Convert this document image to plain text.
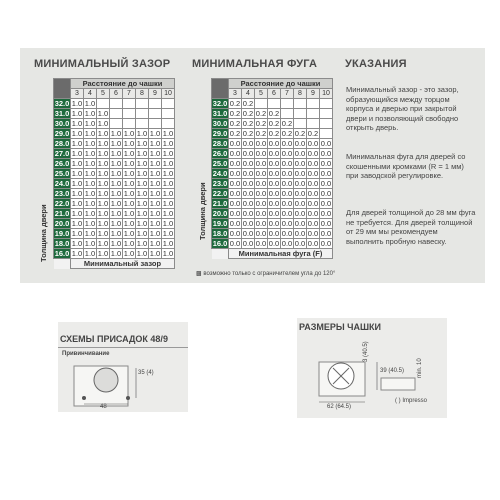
МИНИМАЛЬНЫЙ ЗАЗОР МИНИМАЛЬНАЯ ФУГА	УКАЗАНИЯ
Толщина двери
	Расстояние до чашки							
	3	4	5	6	7	8	9	10
32.0	1.0	1.0						
31.0	1.0	1.0	1.0					
30.0	1.0	1.0	1.0					
29.0	1.0	1.0	1.0	1.0	1.0	1.0	1.0	1.0
28.0	1.0	1.0	1.0	1.0	1.0	1.0	1.0	1.0
27.0	1.0	1.0	1.0	1.0	1.0	1.0	1.0	1.0
26.0	1.0	1.0	1.0	1.0	1.0	1.0	1.0	1.0
25.0	1.0	1.0	1.0	1.0	1.0	1.0	1.0	1.0
24.0	1.0	1.0	1.0	1.0	1.0	1.0	1.0	1.0
23.0	1.0	1.0	1.0	1.0	1.0	1.0	1.0	1.0
22.0	1.0	1.0	1.0	1.0	1.0	1.0	1.0	1.0
21.0	1.0	1.0	1.0	1.0	1.0	1.0	1.0	1.0
20.0	1.0	1.0	1.0	1.0	1.0	1.0	1.0	1.0
19.0	1.0	1.0	1.0	1.0	1.0	1.0	1.0	1.0
18.0	1.0	1.0	1.0	1.0	1.0	1.0	1.0	1.0
16.0	1.0	1.0	1.0	1.0	1.0	1.0	1.0	1.0
	Минимальный зазор							
Толщина двери
	Расстояние до чашки							
	3	4	5	6	7	8	9	10
32.0	0.2	0.2						
31.0	0.2	0.2	0.2	0.2				
30.0	0.2	0.2	0.2	0.2	0.2			
29.0	0.2	0.2	0.2	0.2	0.2	0.2	0.2	
28.0	0.0	0.0	0.0	0.0	0.0	0.0	0.0	0.0
26.0	0.0	0.0	0.0	0.0	0.0	0.0	0.0	0.0
25.0	0.0	0.0	0.0	0.0	0.0	0.0	0.0	0.0
24.0	0.0	0.0	0.0	0.0	0.0	0.0	0.0	0.0
23.0	0.0	0.0	0.0	0.0	0.0	0.0	0.0	0.0
22.0	0.0	0.0	0.0	0.0	0.0	0.0	0.0	0.0
21.0	0.0	0.0	0.0	0.0	0.0	0.0	0.0	0.0
20.0	0.0	0.0	0.0	0.0	0.0	0.0	0.0	0.0
19.0	0.0	0.0	0.0	0.0	0.0	0.0	0.0	0.0
18.0	0.0	0.0	0.0	0.0	0.0	0.0	0.0	0.0
16.0	0.0	0.0	0.0	0.0	0.0	0.0	0.0	0.0
	Минимальная фуга (F)							
▩ возможно только с ограничителем угла до 120°
Минимальный зазор - это зазор, образующийся между торцом корпуса и дверью при закрытой двери и позволяющий свободно открыть дверь.
Минимальная фуга для дверей со скошенными кромками (R = 1 мм) при заводской регулировке.
Для дверей толщиной до 28 мм фуга не требуется. Для дверей толщиной от 29 мм мы рекомендуем выполнить пробную навеску.
СХЕМЫ ПРИСАДОК 48/9
Привинчивание
48
35 (4)
РАЗМЕРЫ ЧАШКИ
3 (40.5)
39 (40.5) min. 10
62 (64.5)
( ) Impresso
